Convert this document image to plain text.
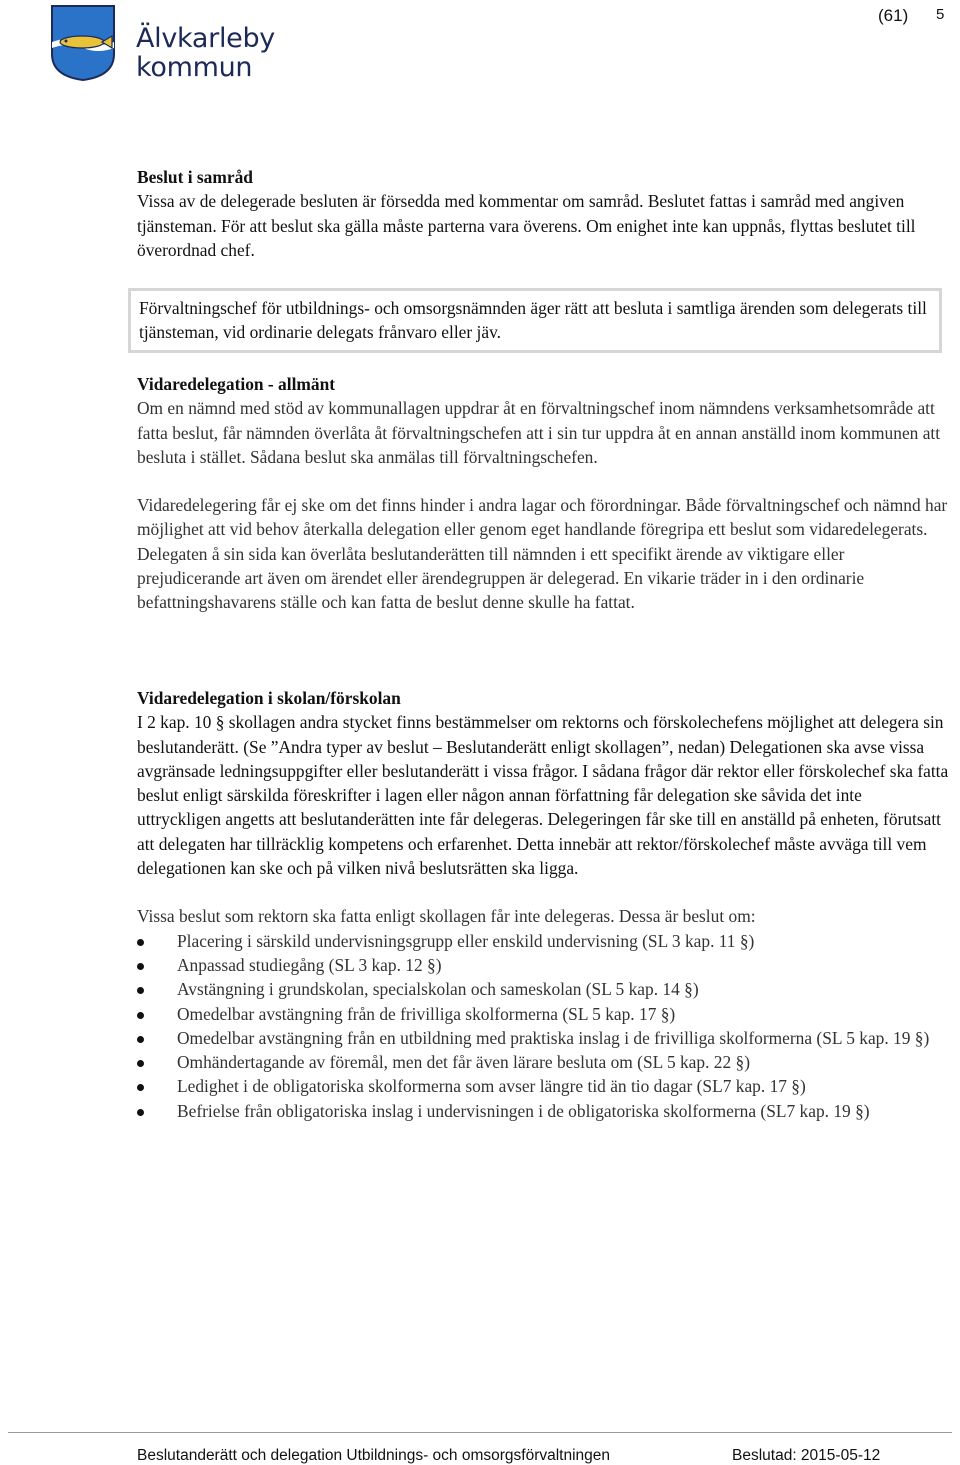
Älvkarleby
kommun
(61) 5

Beslut i samråd

Vissa av de delegerade besluten är försedda med kommentar om samråd. Beslutet fattas i samråd med angiven tjänsteman. För att beslut ska gälla måste parterna vara överens. Om enighet inte kan uppnås, flyttas beslutet till överordnad chef.

Förvaltningschef för utbildnings- och omsorgsnämnden äger rätt att besluta i samtliga ärenden som delegerats till tjänsteman, vid ordinarie delegats frånvaro eller jäv.

Vidaredelegation - allmänt

Om en nämnd med stöd av kommunallagen uppdrar åt en förvaltningschef inom nämndens verksamhetsområde att fatta beslut, får nämnden överlåta åt förvaltningschefen att i sin tur uppdra åt en annan anställd inom kommunen att besluta i stället. Sådana beslut ska anmälas till förvaltningschefen.

Vidaredelegering får ej ske om det finns hinder i andra lagar och förordningar. Både förvaltningschef och nämnd har möjlighet att vid behov återkalla delegation eller genom eget handlande föregripa ett beslut som vidaredelegerats. Delegaten å sin sida kan överlåta beslutanderätten till nämnden i ett specifikt ärende av viktigare eller prejudicerande art även om ärendet eller ärendegruppen är delegerad. En vikarie träder in i den ordinarie befattningshavarens ställe och kan fatta de beslut denne skulle ha fattat.

Vidaredelegation i skolan/förskolan

I 2 kap. 10 § skollagen andra stycket finns bestämmelser om rektorns och förskolechefens möjlighet att delegera sin beslutanderätt. (Se ”Andra typer av beslut – Beslutanderätt enligt skollagen”, nedan) Delegationen ska avse vissa avgränsade ledningsuppgifter eller beslutanderätt i vissa frågor. I sådana frågor där rektor eller förskolechef ska fatta beslut enligt särskilda föreskrifter i lagen eller någon annan författning får delegation ske såvida det inte uttryckligen angetts att beslutanderätten inte får delegeras. Delegeringen får ske till en anställd på enheten, förutsatt att delegaten har tillräcklig kompetens och erfarenhet. Detta innebär att rektor/förskolechef måste avväga till vem delegationen kan ske och på vilken nivå beslutsrätten ska ligga.

Vissa beslut som rektorn ska fatta enligt skollagen får inte delegeras. Dessa är beslut om:

Placering i särskild undervisningsgrupp eller enskild undervisning (SL 3 kap. 11 §)
Anpassad studiegång (SL 3 kap. 12 §)
Avstängning i grundskolan, specialskolan och sameskolan (SL 5 kap. 14 §)
Omedelbar avstängning från de frivilliga skolformerna (SL 5 kap. 17 §)
Omedelbar avstängning från en utbildning med praktiska inslag i de frivilliga skolformerna (SL 5 kap. 19 §)
Omhändertagande av föremål, men det får även lärare besluta om (SL 5 kap. 22 §)
Ledighet i de obligatoriska skolformerna som avser längre tid än tio dagar (SL7 kap. 17 §)
Befrielse från obligatoriska inslag i undervisningen i de obligatoriska skolformerna (SL7 kap. 19 §)
Beslutanderätt och delegation Utbildnings- och omsorgsförvaltningen	Beslutad: 2015-05-12
